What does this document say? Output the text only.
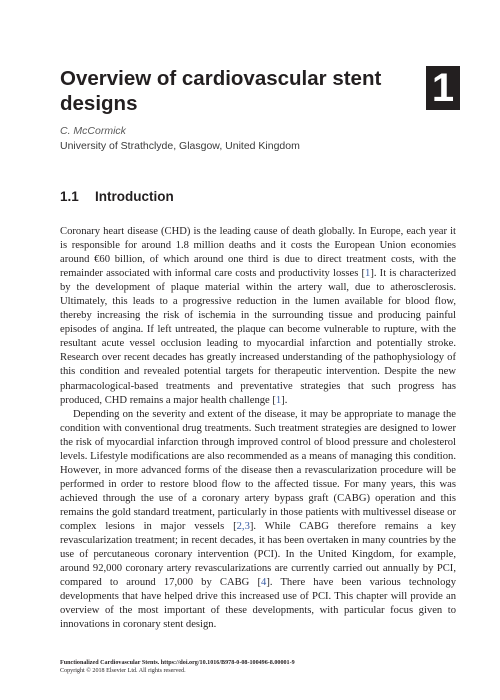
Overview of cardiovascular stent designs	1
C. McCormick
University of Strathclyde, Glasgow, United Kingdom
1.1 Introduction

Coronary heart disease (CHD) is the leading cause of death globally. In Europe, each year it is responsible for around 1.8 million deaths and it costs the European Union economies around €60 billion, of which around one third is due to direct treatment costs, with the remainder associated with informal care costs and productivity losses [1]. It is characterized by the development of plaque material within the artery wall, due to atherosclerosis. Ultimately, this leads to a progressive reduction in the lumen available for blood flow, thereby increasing the risk of ischemia in the surrounding tissue and producing painful episodes of angina. If left untreated, the plaque can become vulnerable to rupture, with the resultant acute vessel occlusion leading to myocardial infarction and potentially stroke. Research over recent decades has greatly increased understanding of the pathophysiology of this condition and revealed potential targets for therapeutic intervention. Despite the new pharmacological-based treatments and preventative strategies that such progress has produced, CHD remains a major health challenge [1].

Depending on the severity and extent of the disease, it may be appropriate to manage the condition with conventional drug treatments. Such treatment strategies are designed to lower the risk of myocardial infarction through improved control of blood pressure and cholesterol levels. Lifestyle modifications are also recommended as a means of managing this condition. However, in more advanced forms of the disease then a revascularization procedure will be performed in order to restore blood flow to the affected tissue. For many years, this was achieved through the use of a coronary artery bypass graft (CABG) operation and this remains the gold standard treatment, particularly in those patients with multivessel disease or complex lesions in major vessels [2,3]. While CABG therefore remains a key revascularization treatment; in recent decades, it has been overtaken in many countries by the use of percutaneous coronary intervention (PCI). In the United Kingdom, for example, around 92,000 coronary artery revascularizations are currently carried out annually by PCI, compared to around 17,000 by CABG [4]. There have been various technology developments that have helped drive this increased use of PCI. This chapter will provide an overview of the most important of these developments, with particular focus given to innovations in coronary stent design.

Functionalized Cardiovascular Stents. https://doi.org/10.1016/B978-0-08-100496-8.00001-9
Copyright © 2018 Elsevier Ltd. All rights reserved.
